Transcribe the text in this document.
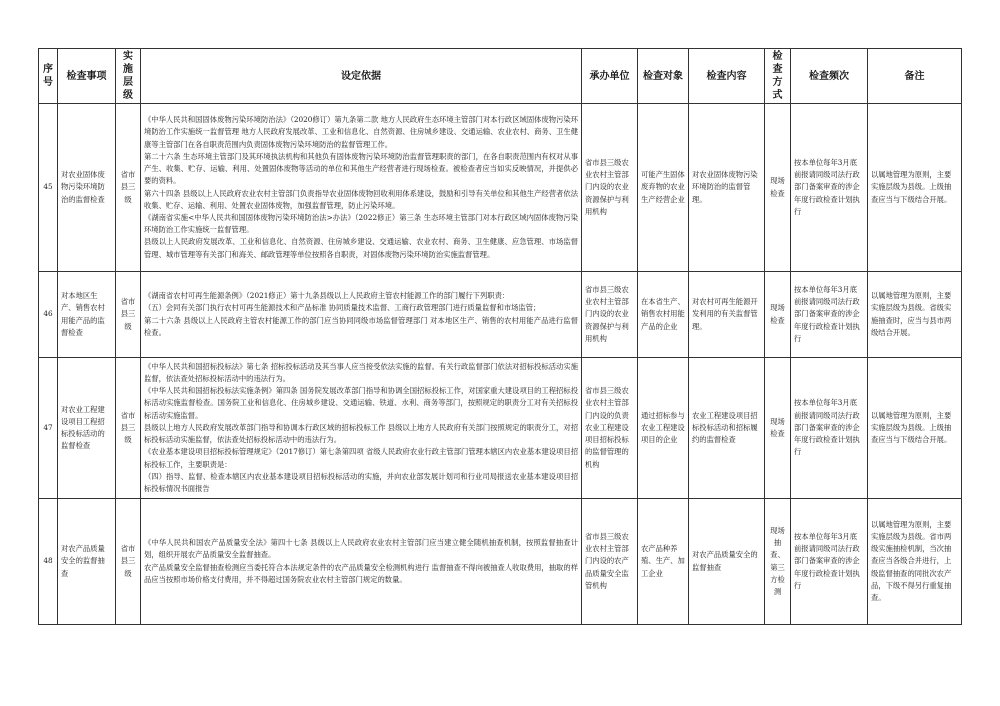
序号	检查事项	实施层级	设定依据	承办单位	检查对象	检查内容	检查方式	检查频次	备注
45	对农业固体废物污染环境防治的监督检查	省市县三级	《中华人民共和国固体废物污染环境防治法》（2020修订）第九条第二款 地方人民政府生态环境主管部门对本行政区域固体废物污染环境防治工作实施统一监督管理 地方人民政府发展改革、工业和信息化、自然资源、住房城乡建设、交通运输、农业农村、商务、卫生健康等主管部门在各自职责范围内负责固体废物污染环境防治的监督管理工作。

第二十六条 生态环境主管部门及其环境执法机构和其他负有固体废物污染环境防治监督管理职责的部门，在各自职责范围内有权对从事产生、收集、贮存、运输、利用、处置固体废物等活动的单位和其他生产经营者进行现场检查。被检查者应当如实反映情况，并提供必要的资料。

第六十四条 县级以上人民政府农业农村主管部门负责指导农业固体废物回收利用体系建设，鼓励和引导有关单位和其他生产经营者依法收集、贮存、运输、利用、处置农业固体废物，加强监督管理，防止污染环境。

《湖南省实施<中华人民共和国固体废物污染环境防治法>办法》（2022修正）第三条 生态环境主管部门对本行政区域内固体废物污染环境防治工作实施统一监督管理。

县级以上人民政府发展改革、工业和信息化、自然资源、住房城乡建设、交通运输、农业农村、商务、卫生健康、应急管理、市场监督管理、城市管理等有关部门和海关、邮政管理等单位按照各自职责，对固体废物污染环境防治实施监督管理。	省市县三级农业农村主管部门内设的农业资源保护与利用机构	可能产生固体废弃物的农业生产经营企业	对农业固体废物污染环境防治的监督管理。	现场检查	按本单位每年3月底前报请同级司法行政部门备案审查的涉企年度行政检查计划执行	以属地管理为原则，主要实施层级为县级。上级抽查应当与下级结合开展。
46	对本地区生产、销售农村用能产品的监督检查	省市县三级	《湖南省农村可再生能源条例》（2021修正）第十九条县级以上人民政府主管农村能源工作的部门履行下列职责：

（五）会同有关部门执行农村可再生能源技术和产品标准 协同质量技术监督、工商行政管理部门进行质量监督和市场监管；

第二十六条 县级以上人民政府主管农村能源工作的部门应当协同同级市场监督管理部门 对本地区生产、销售的农村用能产品进行监督检查。	省市县三级农业农村主管部门内设的农业资源保护与利用机构	在本省生产、销售农村用能产品的企业	对农村可再生能源开发利用的有关监督管理。	现场检查	按本单位每年3月底前报请同级司法行政部门备案审查的涉企年度行政检查计划执行	以属地管理为原则，主要实施层级为县级。省级实施抽查时，应当与县市两级结合开展。
47	对农业工程建设项目工程招标投标活动的监督检查	省市县三级	《中华人民共和国招标投标法》第七条 招标投标活动及其当事人应当接受依法实施的监督。有关行政监督部门依法对招标投标活动实施监督，依法查处招标投标活动中的违法行为。

《中华人民共和国招标投标法实施条例》第四条 国务院发展改革部门指导和协调全国招标投标工作，对国家重大建设项目的工程招标投标活动实施监督检查。国务院工业和信息化、住房城乡建设、交通运输、铁道、水利、商务等部门，按照规定的职责分工对有关招标投标活动实施监督。

县级以上地方人民政府发展改革部门指导和协调本行政区域的招标投标工作 县级以上地方人民政府有关部门按照规定的职责分工，对招标投标活动实施监督，依法查处招标投标活动中的违法行为。

《农业基本建设项目招标投标管理规定》（2017修订）第七条第四项 省级人民政府农业行政主管部门管理本辖区内农业基本建设项目招标投标工作，主要职责是：

（四）指导、监督、检查本辖区内农业基本建设项目招标投标活动的实施，并向农业部发展计划司和行业司局报送农业基本建设项目招标投标情况书面报告	省市县三级农业农村主管部门内设的负责农业工程建设项目招标投标的监督管理的机构	通过招标参与农业工程建设项目的企业	农业工程建设项目招标投标活动和招标履约的监督检查	现场检查	按本单位每年3月底前报请同级司法行政部门备案审查的涉企年度行政检查计划执行	以属地管理为原则，主要实施层级为县级。上级抽查应当与下级结合开展。
48	对农产品质量安全的监督抽查	省市县三级	《中华人民共和国农产品质量安全法》第四十七条 县级以上人民政府农业农村主管部门应当建立健全随机抽查机制，按照监督抽查计划，组织开展农产品质量安全监督抽查。

农产品质量安全监督抽查检测应当委托符合本法规定条件的农产品质量安全检测机构进行 监督抽查不得向被抽查人收取费用，抽取的样品应当按照市场价格支付费用，并不得超过国务院农业农村主管部门规定的数量。	省市县三级农业农村主管部门内设的农产品质量安全监管机构	农产品种养殖、生产、加工企业	对农产品质量安全的监督抽查	现场抽查、第三方检测	按本单位每年3月底前报请同级司法行政部门备案审查的涉企年度行政检查计划执行	以属地管理为原则，主要实施层级为县级。省市两级实施抽检机制，当次抽查应当各级合并进行，上级监督抽查的同批次农产品，下级不得另行重复抽查。
